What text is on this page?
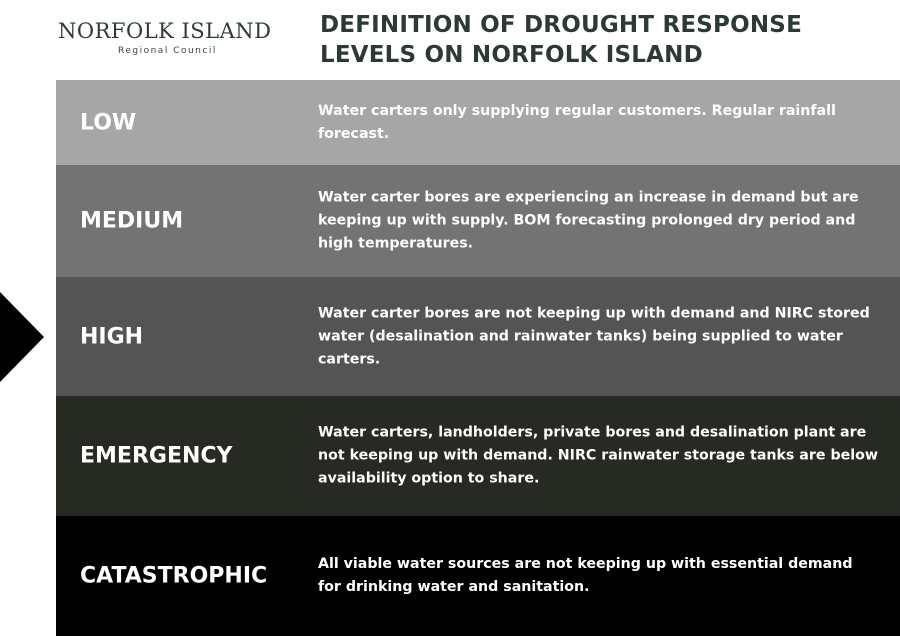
NORFOLK ISLAND
Regional Council
DEFINITION OF DROUGHT RESPONSE LEVELS ON NORFOLK ISLAND
LOW	Water carters only supplying regular customers. Regular rainfall forecast.
MEDIUM
Water carter bores are experiencing an increase in demand but are keeping up with supply. BOM forecasting prolonged dry period and high temperatures.
HIGH
Water carter bores are not keeping up with demand and NIRC stored water (desalination and rainwater tanks) being supplied to water carters.
EMERGENCY
Water carters, landholders, private bores and desalination plant are not keeping up with demand. NIRC rainwater storage tanks are below availability option to share.
CATASTROPHIC	All viable water sources are not keeping up with essential demand for drinking water and sanitation.
